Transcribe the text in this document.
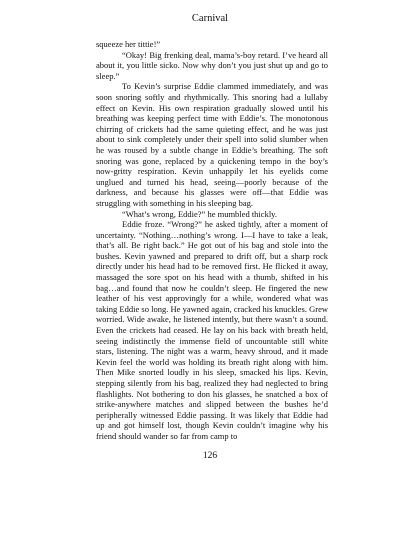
Carnival

squeeze her tittie!”

“Okay! Big frenking deal, mama’s-boy retard. I’ve heard all about it, you little sicko. Now why don’t you just shut up and go to sleep.”

To Kevin’s surprise Eddie clammed immediately, and was soon snoring softly and rhythmically. This snoring had a lullaby effect on Kevin. His own respiration gradually slowed until his breathing was keeping perfect time with Eddie’s. The monotonous chirring of crickets had the same quieting effect, and he was just about to sink completely under their spell into solid slumber when he was roused by a subtle change in Eddie’s breathing. The soft snoring was gone, replaced by a quickening tempo in the boy’s now-gritty respiration. Kevin unhappily let his eyelids come unglued and turned his head, seeing—poorly because of the darkness, and because his glasses were off—that Eddie was struggling with something in his sleeping bag.

“What’s wrong, Eddie?” he mumbled thickly.

Eddie froze. “Wrong?” he asked tightly, after a moment of uncertainty. “Nothing…nothing’s wrong. I—I have to take a leak, that’s all. Be right back.” He got out of his bag and stole into the bushes. Kevin yawned and prepared to drift off, but a sharp rock directly under his head had to be removed first. He flicked it away, massaged the sore spot on his head with a thumb, shifted in his bag…and found that now he couldn’t sleep. He fingered the new leather of his vest approvingly for a while, wondered what was taking Eddie so long. He yawned again, cracked his knuckles. Grew worried. Wide awake, he listened intently, but there wasn’t a sound. Even the crickets had ceased. He lay on his back with breath held, seeing indistinctly the immense field of uncountable still white stars, listening. The night was a warm, heavy shroud, and it made Kevin feel the world was holding its breath right along with him. Then Mike snorted loudly in his sleep, smacked his lips. Kevin, stepping silently from his bag, realized they had neglected to bring flashlights. Not bothering to don his glasses, he snatched a box of strike-anywhere matches and slipped between the bushes he’d peripherally witnessed Eddie passing. It was likely that Eddie had up and got himself lost, though Kevin couldn’t imagine why his friend should wander so far from camp to

126
